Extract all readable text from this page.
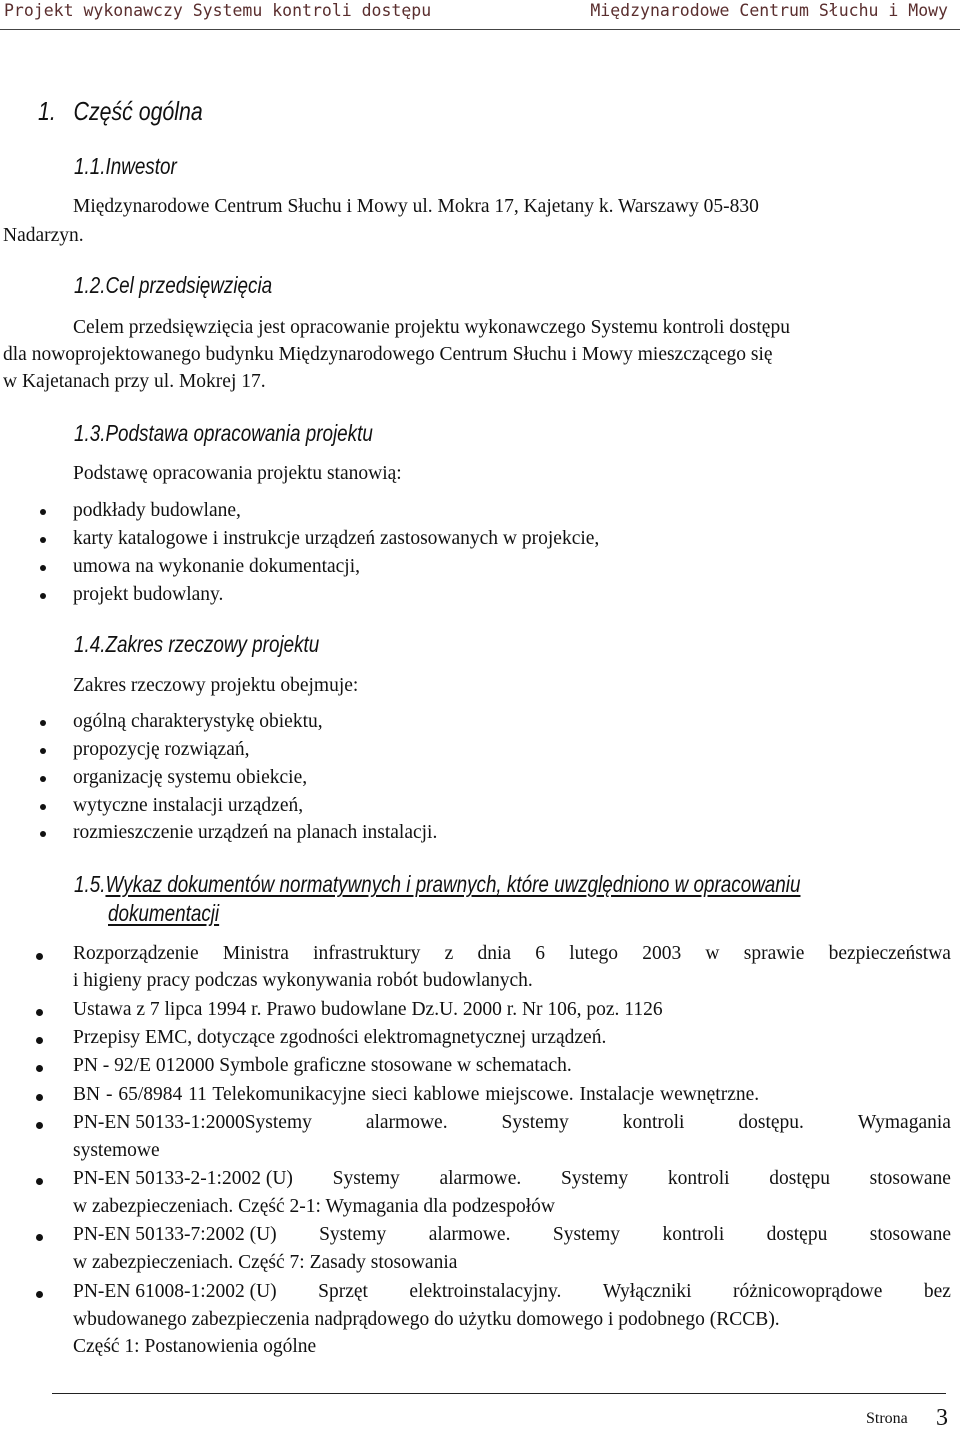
Projekt wykonawczy Systemu kontroli dostępu	Międzynarodowe Centrum Słuchu i Mowy
1. Część ogólna
1.1.Inwestor
Międzynarodowe Centrum Słuchu i Mowy ul. Mokra 17, Kajetany k. Warszawy 05-830
Nadarzyn.
1.2.Cel przedsięwzięcia
Celem przedsięwzięcia jest opracowanie projektu wykonawczego Systemu kontroli dostępu
dla nowoprojektowanego budynku Międzynarodowego Centrum Słuchu i Mowy mieszczącego się
w Kajetanach przy ul. Mokrej 17.
1.3.Podstawa opracowania projektu
Podstawę opracowania projektu stanowią:
podkłady budowlane,
karty katalogowe i instrukcje urządzeń zastosowanych w projekcie,
umowa na wykonanie dokumentacji,
projekt budowlany.
1.4.Zakres rzeczowy projektu
Zakres rzeczowy projektu obejmuje:
ogólną charakterystykę obiektu,
propozycję rozwiązań,
organizację systemu obiekcie,
wytyczne instalacji urządzeń,
rozmieszczenie urządzeń na planach instalacji.
1.5.Wykaz dokumentów normatywnych i prawnych, które uwzględniono w opracowaniu
dokumentacji
Rozporządzenie Ministra infrastruktury z dnia 6 lutego 2003 w sprawie bezpieczeństwa
i higieny pracy podczas wykonywania robót budowlanych.
Ustawa z 7 lipca 1994 r. Prawo budowlane Dz.U. 2000 r. Nr 106, poz. 1126
Przepisy EMC, dotyczące zgodności elektromagnetycznej urządzeń.
PN - 92/E 012000 Symbole graficzne stosowane w schematach.
BN - 65/8984 11 Telekomunikacyjne sieci kablowe miejscowe. Instalacje wewnętrzne.
PN-EN 50133-1:2000Systemy	alarmowe.	Systemy	kontroli	dostępu.	Wymagania
systemowe
PN-EN 50133-2-1:2002 (U) Systemy alarmowe. Systemy kontroli dostępu stosowane
w zabezpieczeniach. Część 2-1: Wymagania dla podzespołów
PN-EN 50133-7:2002 (U) Systemy alarmowe. Systemy kontroli dostępu stosowane
w zabezpieczeniach. Część 7: Zasady stosowania
PN-EN 61008-1:2002 (U) Sprzęt elektroinstalacyjny. Wyłączniki różnicowoprądowe bez
wbudowanego zabezpieczenia nadprądowego do użytku domowego i podobnego (RCCB).
Część 1: Postanowienia ogólne
Strona 3
